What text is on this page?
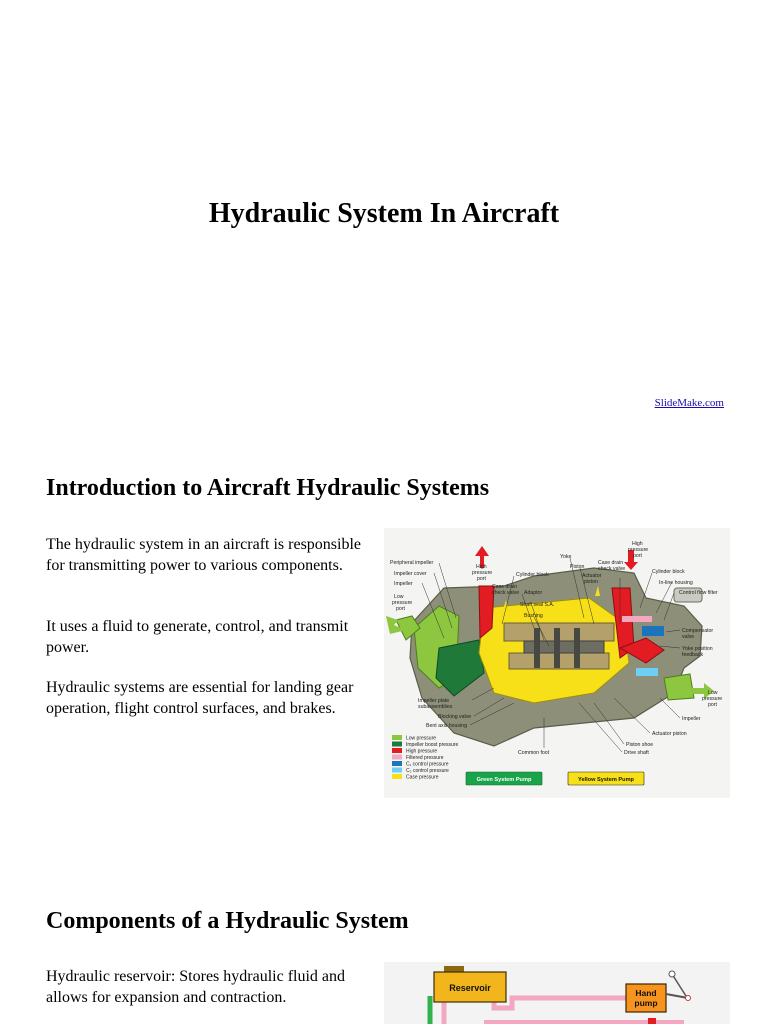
Hydraulic System In Aircraft
SlideMake.com
Introduction to Aircraft Hydraulic Systems
The hydraulic system in an aircraft is responsible for transmitting power to various components.
It uses a fluid to generate, control, and transmit power.
Hydraulic systems are essential for landing gear operation, flight control surfaces, and brakes.
Peripheral impeller
Impeller cover
Impeller
Low
pressure
port
High
pressure
port
Case drain
check valve
Cylinder block
Adaptor
Shaft seal S.A.
Bushing
Yoke
Piston
Actuator
piston
Case drain
check valve
High
pressure
port
Cylinder block
In-line housing
Control flow filter
Compensator
valve
Yoke position
feedback
Low
pressure
port
Impeller
Actuator piston
Piston shoe
Drive shaft
Impeller plate
subassemblies
Blocking valve
Bent axis housing
Common foot
Low pressure
Impeller boost pressure
High pressure
Filtered pressure
C₁ control pressure
C₂ control pressure
Case pressure	Green System Pump	Yellow System Pump
Components of a Hydraulic System
Hydraulic reservoir: Stores hydraulic fluid and allows for expansion and contraction.
Reservoir	Hand
pump
